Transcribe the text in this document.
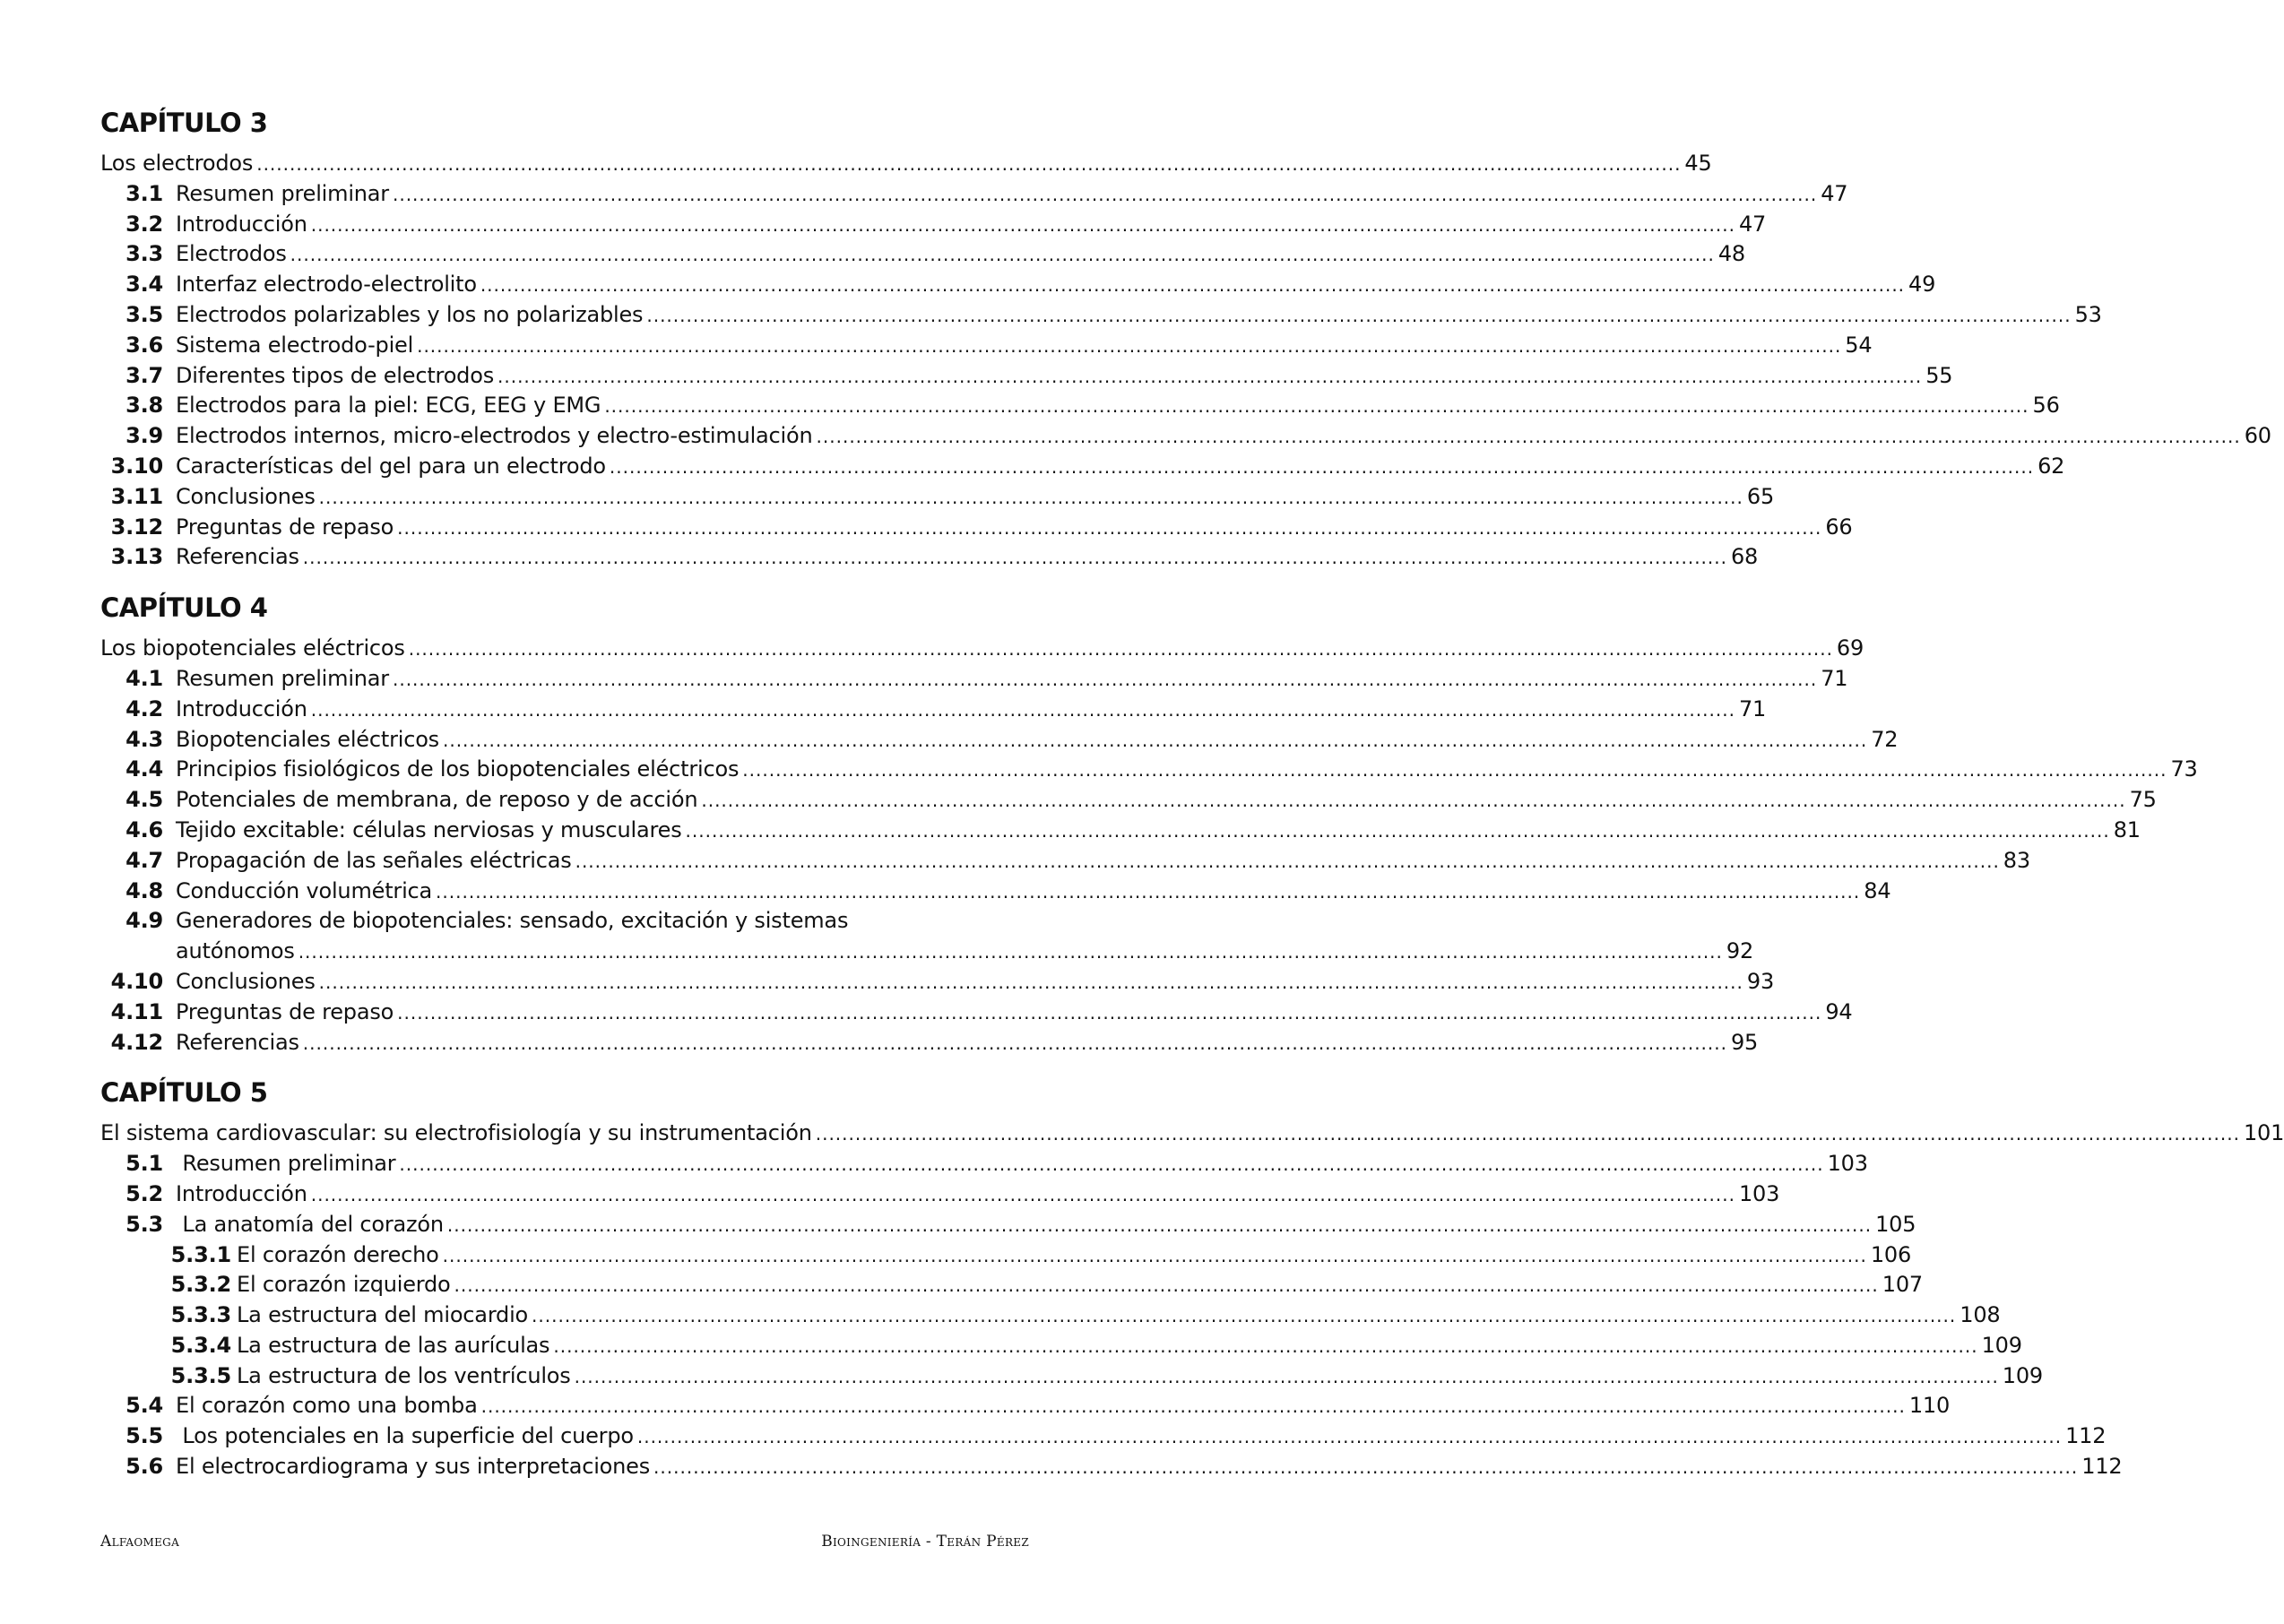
CAPÍTULO 3
Los electrodos .....	45
3.1 Resumen preliminar .....	47
3.2 Introducción .....	47
3.3 Electrodos .....	48
3.4 Interfaz electrodo-electrolito .....	49
3.5 Electrodos polarizables y los no polarizables .....	53
3.6 Sistema electrodo-piel .....	54
3.7 Diferentes tipos de electrodos .....	55
3.8 Electrodos para la piel: ECG, EEG y EMG .....	56
3.9 Electrodos internos, micro-electrodos y electro-estimulación .....	60
3.10 Características del gel para un electrodo .....	62
3.11 Conclusiones .....	65
3.12 Preguntas de repaso .....	66
3.13 Referencias .....	68
CAPÍTULO 4
Los biopotenciales eléctricos .....	69
4.1 Resumen preliminar .....	71
4.2 Introducción .....	71
4.3 Biopotenciales eléctricos .....	72
4.4 Principios fisiológicos de los biopotenciales eléctricos .....	73
4.5 Potenciales de membrana, de reposo y de acción .....	75
4.6 Tejido excitable: células nerviosas y musculares .....	81
4.7 Propagación de las señales eléctricas .....	83
4.8 Conducción volumétrica .....	84
4.9 Generadores de biopotenciales: sensado, excitación y sistemas
autónomos .....	92
4.10 Conclusiones .....	93
4.11 Preguntas de repaso .....	94
4.12 Referencias .....	95
CAPÍTULO 5
El sistema cardiovascular: su electrofisiología y su instrumentación .....	101
5.1 Resumen preliminar .....	103
5.2 Introducción .....	103
5.3 La anatomía del corazón .....	105
5.3.1 El corazón derecho .....	106
5.3.2 El corazón izquierdo .....	107
5.3.3 La estructura del miocardio .....	108
5.3.4 La estructura de las aurículas .....	109
5.3.5 La estructura de los ventrículos .....	109
5.4 El corazón como una bomba .....	110
5.5 Los potenciales en la superficie del cuerpo .....	112
5.6 El electrocardiograma y sus interpretaciones .....	112
Alfaomega	Bioingeniería - Terán Pérez
